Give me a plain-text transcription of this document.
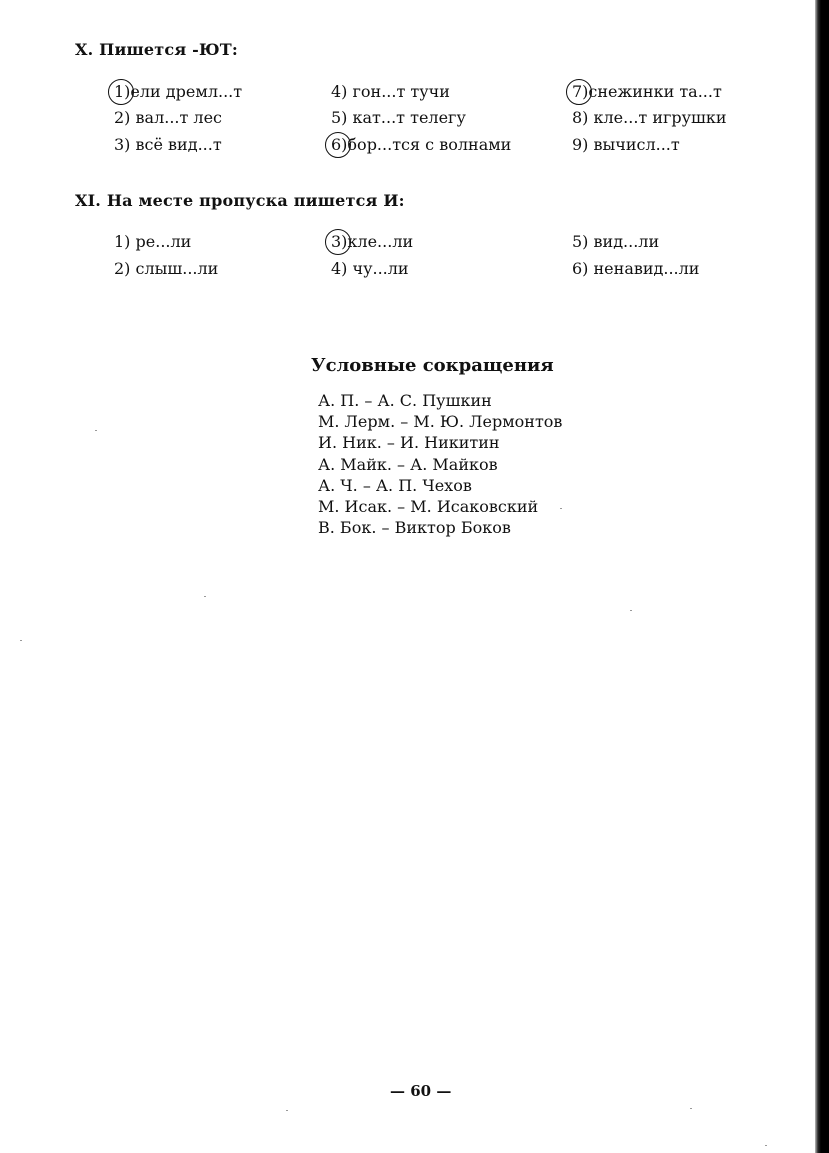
X. Пишется -ЮТ:
1)ели дремл...т
2) вал...т лес
3) всё вид...т
4) гон...т тучи
5) кат...т телегу
6)бор...тся с волнами
7)снежинки та...т
8) кле...т игрушки
9) вычисл...т
XI. На месте пропуска пишется И:
1) ре...ли
2) слыш...ли
3)кле...ли
4) чу...ли
5) вид...ли
6) ненавид...ли
Условные сокращения
А. П. – А. С. Пушкин
М. Лерм. – М. Ю. Лермонтов
И. Ник. – И. Никитин
А. Майк. – А. Майков
А. Ч. – А. П. Чехов
М. Исак. – М. Исаковский
В. Бок. – Виктор Боков
— 60 —
